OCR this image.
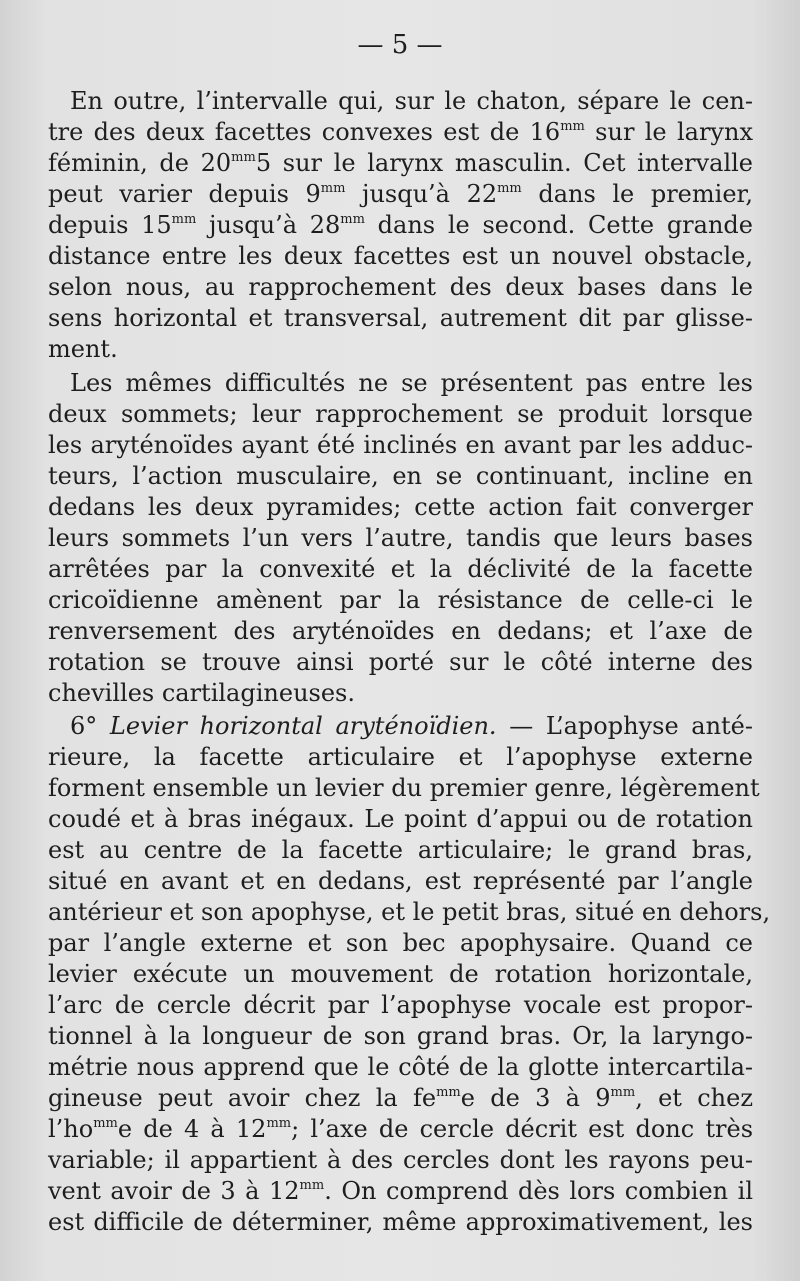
— 5 —
En outre, l’intervalle qui, sur le chaton, sépare le cen-
tre des deux facettes convexes est de $16^{mm}$ sur le larynx
féminin, de $20^{mm}5$ sur le larynx masculin. Cet intervalle
peut varier depuis $9^{mm}$ jusqu’à $22^{mm}$ dans le premier,
depuis $15^{mm}$ jusqu’à $28^{mm}$ dans le second. Cette grande
distance entre les deux facettes est un nouvel obstacle,
selon nous, au rapprochement des deux bases dans le
sens horizontal et transversal, autrement dit par glisse-
ment.
Les mêmes difficultés ne se présentent pas entre les
deux sommets; leur rapprochement se produit lorsque
les aryténoïdes ayant été inclinés en avant par les adduc-
teurs, l’action musculaire, en se continuant, incline en
dedans les deux pyramides; cette action fait converger
leurs sommets l’un vers l’autre, tandis que leurs bases
arrêtées par la convexité et la déclivité de la facette
cricoïdienne amènent par la résistance de celle-ci le
renversement des aryténoïdes en dedans; et l’axe de
rotation se trouve ainsi porté sur le côté interne des
chevilles cartilagineuses.
6° Levier horizontal aryténoïdien. — L’apophyse anté-
rieure, la facette articulaire et l’apophyse externe
forment ensemble un levier du premier genre, légèrement
coudé et à bras inégaux. Le point d’appui ou de rotation
est au centre de la facette articulaire; le grand bras,
situé en avant et en dedans, est représenté par l’angle
antérieur et son apophyse, et le petit bras, situé en dehors,
par l’angle externe et son bec apophysaire. Quand ce
levier exécute un mouvement de rotation horizontale,
l’arc de cercle décrit par l’apophyse vocale est propor-
tionnel à la longueur de son grand bras. Or, la laryngo-
métrie nous apprend que le côté de la glotte intercartila-
gineuse peut avoir chez la $fe^{mm}e$ de 3 à $9^{mm}$, et chez
$l’ho^{mm}e$ de 4 à $12^{mm}$; l’axe de cercle décrit est donc très
variable; il appartient à des cercles dont les rayons peu-
vent avoir de 3 à $12^{mm}$. On comprend dès lors combien il
est difficile de déterminer, même approximativement, les
